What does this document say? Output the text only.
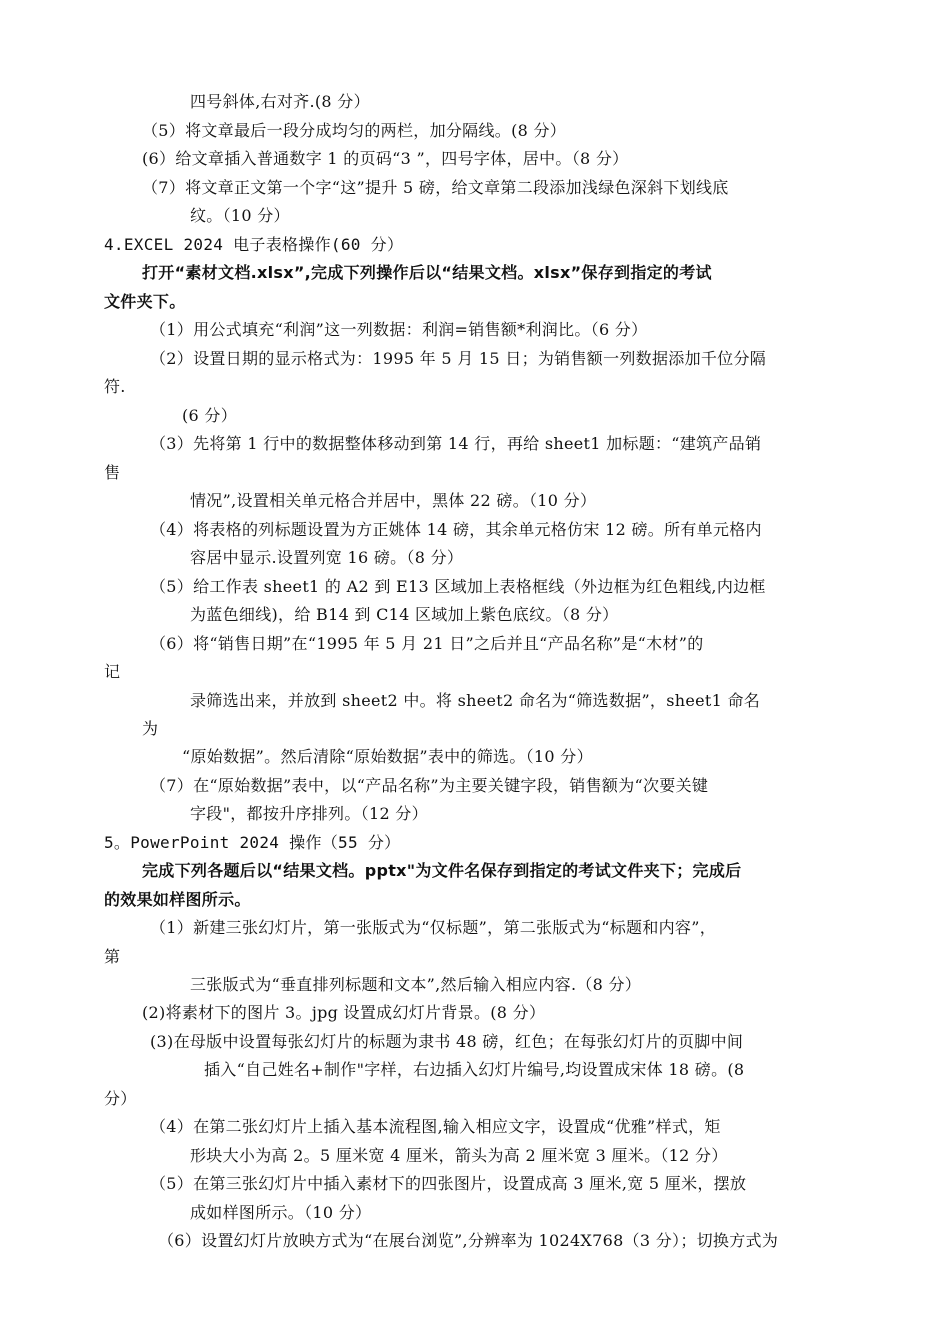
四号斜体,右对齐.(8 分）
（5）将文章最后一段分成均匀的两栏，加分隔线。(8 分）
(6）给文章插入普通数字 1 的页码“3 ”，四号字体，居中。（8 分）
（7）将文章正文第一个字“这”提升 5 磅，给文章第二段添加浅绿色深斜下划线底
纹。（10 分）
4.EXCEL 2024 电子表格操作(60 分）
打开“素材文档.xlsx”,完成下列操作后以“结果文档。xlsx”保存到指定的考试
文件夹下。
（1）用公式填充“利润”这一列数据：利润=销售额*利润比。（6 分）
（2）设置日期的显示格式为：1995 年 5 月 15 日；为销售额一列数据添加千位分隔
符.
(6 分）
（3）先将第 1 行中的数据整体移动到第 14 行，再给 sheet1 加标题：“建筑产品销
售
情况”,设置相关单元格合并居中，黑体 22 磅。（10 分）
（4）将表格的列标题设置为方正姚体 14 磅，其余单元格仿宋 12 磅。所有单元格内
容居中显示.设置列宽 16 磅。（8 分）
（5）给工作表 sheet1 的 A2 到 E13 区域加上表格框线（外边框为红色粗线,内边框
为蓝色细线)，给 B14 到 C14 区域加上紫色底纹。（8 分）
（6）将“销售日期”在“1995 年 5 月 21 日”之后并且“产品名称”是“木材”的
记
录筛选出来，并放到 sheet2 中。将 sheet2 命名为“筛选数据”，sheet1 命名
为
“原始数据”。然后清除“原始数据”表中的筛选。（10 分）
（7）在“原始数据”表中，以“产品名称”为主要关键字段，销售额为“次要关键
字段"，都按升序排列。（12 分）
5。PowerPoint 2024 操作（55 分）
完成下列各题后以“结果文档。pptx"为文件名保存到指定的考试文件夹下；完成后
的效果如样图所示。
（1）新建三张幻灯片，第一张版式为“仅标题”，第二张版式为“标题和内容”，
第
三张版式为“垂直排列标题和文本”,然后输入相应内容.（8 分）
(2)将素材下的图片 3。jpg 设置成幻灯片背景。(8 分）
(3)在母版中设置每张幻灯片的标题为隶书 48 磅，红色；在每张幻灯片的页脚中间
插入“自己姓名+制作"字样，右边插入幻灯片编号,均设置成宋体 18 磅。(8
分）
（4）在第二张幻灯片上插入基本流程图,输入相应文字，设置成“优雅”样式，矩
形块大小为高 2。5 厘米宽 4 厘米，箭头为高 2 厘米宽 3 厘米。（12 分）
（5）在第三张幻灯片中插入素材下的四张图片，设置成高 3 厘米,宽 5 厘米，摆放
成如样图所示。（10 分）
（6）设置幻灯片放映方式为“在展台浏览”,分辨率为 1024X768（3 分）；切换方式为
